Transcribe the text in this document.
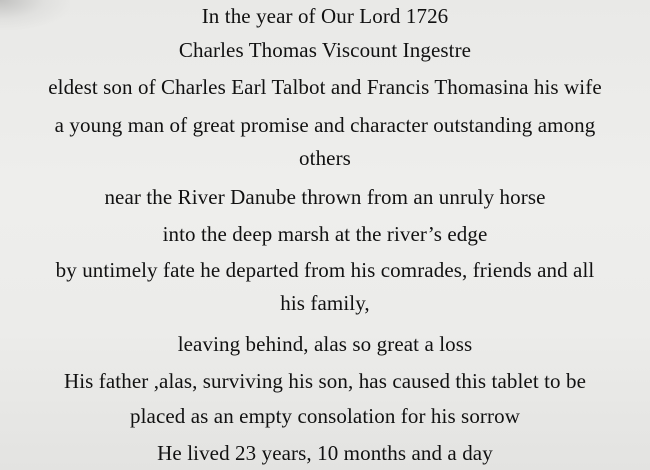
In the year of Our Lord 1726
Charles Thomas Viscount Ingestre
eldest son of Charles Earl Talbot and Francis Thomasina his wife
a young man of great promise and character outstanding among
others
near the River Danube thrown from an unruly horse
into the deep marsh at the river’s edge
by untimely fate he departed from his comrades, friends and all
his family,
leaving behind, alas so great a loss
His father ,alas, surviving his son, has caused this tablet to be
placed as an empty consolation for his sorrow
He lived 23 years, 10 months and a day
